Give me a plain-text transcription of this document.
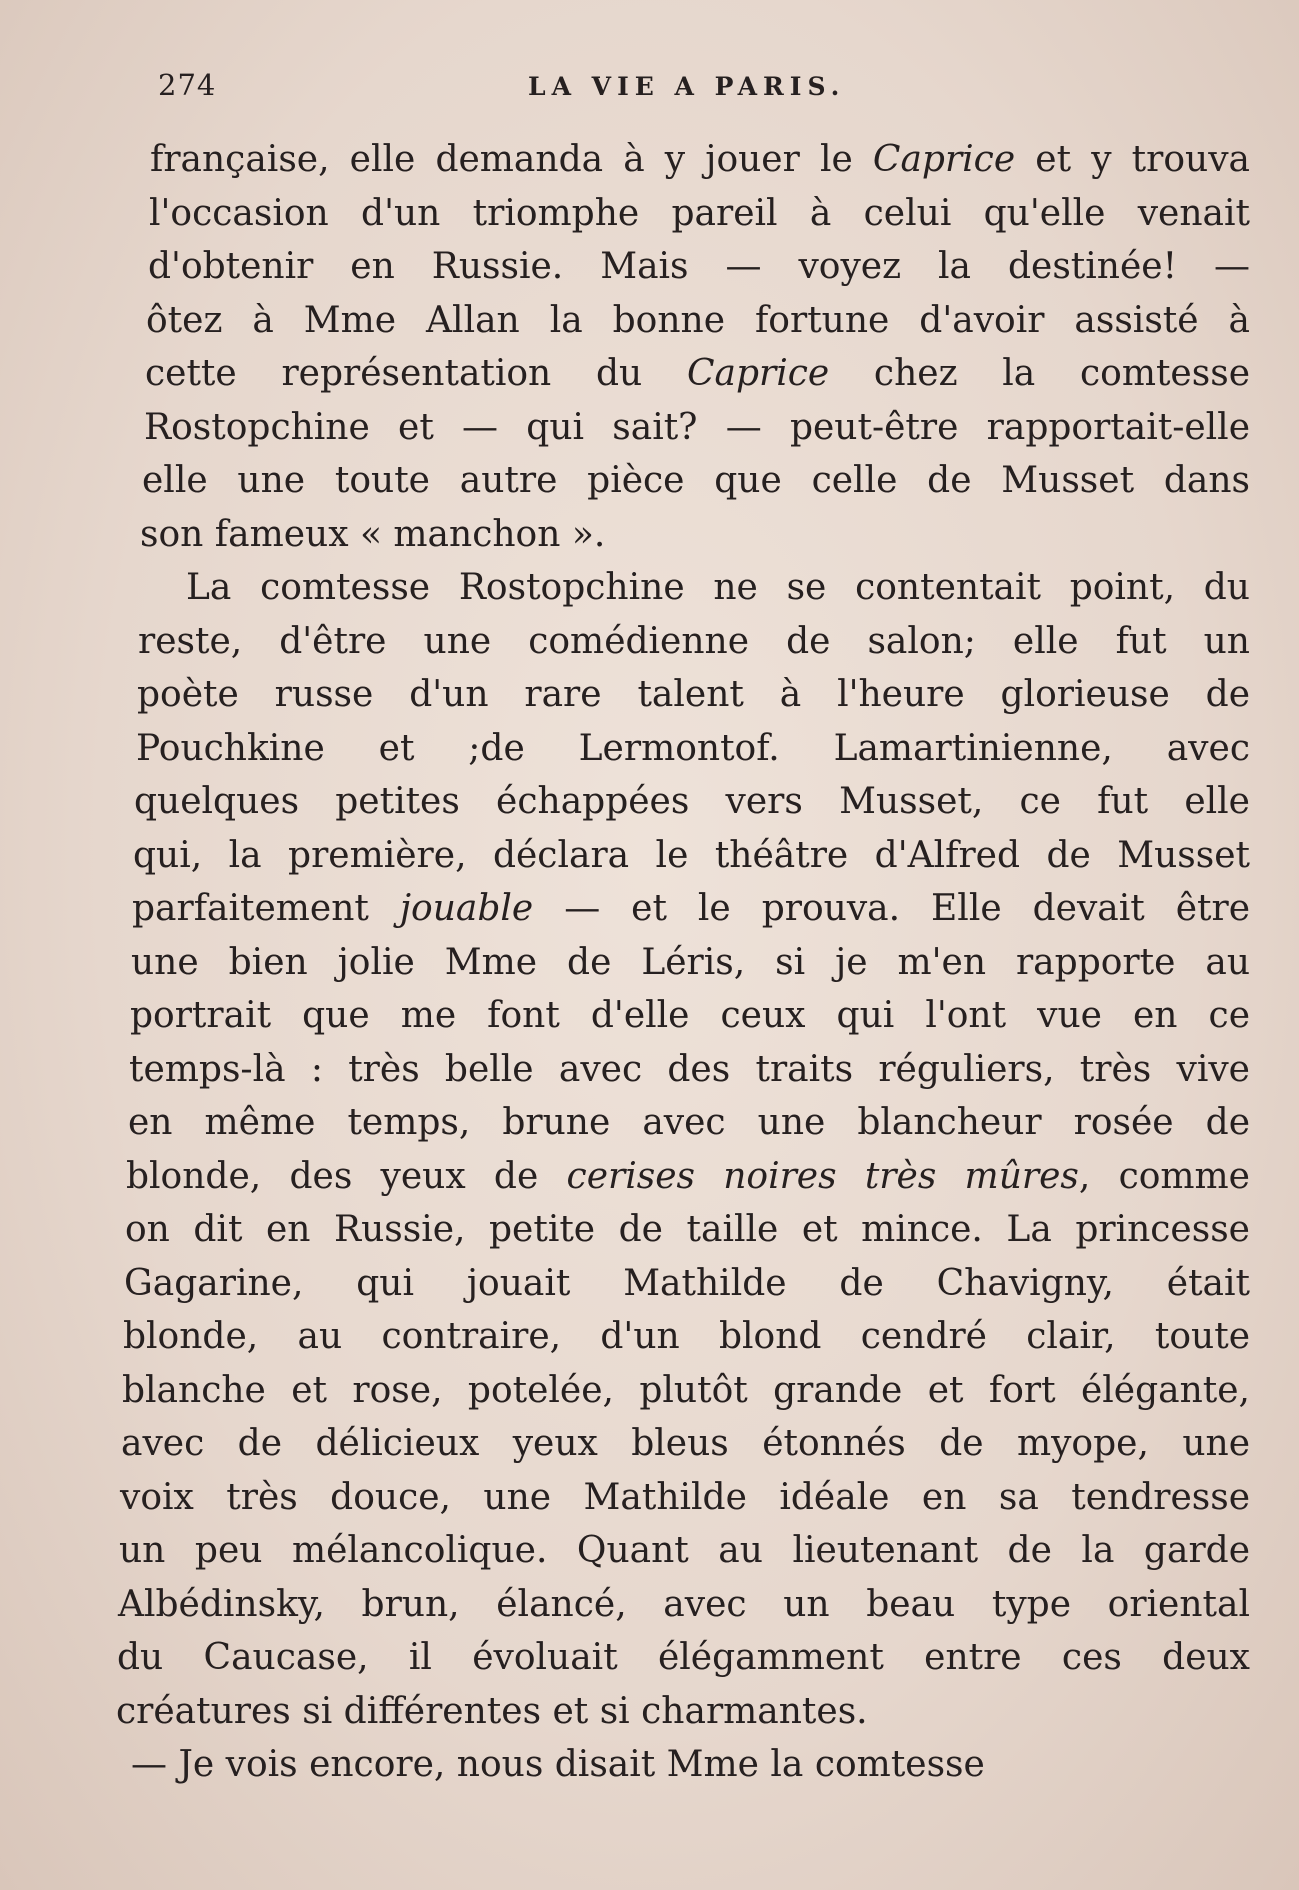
274	LA VIE A PARIS.
française, elle demanda à y jouer le Caprice et y trouva
l'occasion d'un triomphe pareil à celui qu'elle venait
d'obtenir en Russie. Mais — voyez la destinée! —
ôtez à Mme Allan la bonne fortune d'avoir assisté à
cette représentation du Caprice chez la comtesse
Rostopchine et — qui sait? — peut-être rapportait-elle
elle une toute autre pièce que celle de Musset dans
son fameux « manchon ».
La comtesse Rostopchine ne se contentait point, du
reste, d'être une comédienne de salon; elle fut un
poète russe d'un rare talent à l'heure glorieuse de
Pouchkine et ;de Lermontof. Lamartinienne, avec
quelques petites échappées vers Musset, ce fut elle
qui, la première, déclara le théâtre d'Alfred de Musset
parfaitement jouable — et le prouva. Elle devait être
une bien jolie Mme de Léris, si je m'en rapporte au
portrait que me font d'elle ceux qui l'ont vue en ce
temps-là : très belle avec des traits réguliers, très vive
en même temps, brune avec une blancheur rosée de
blonde, des yeux de cerises noires très mûres, comme
on dit en Russie, petite de taille et mince. La princesse
Gagarine, qui jouait Mathilde de Chavigny, était
blonde, au contraire, d'un blond cendré clair, toute
blanche et rose, potelée, plutôt grande et fort élégante,
avec de délicieux yeux bleus étonnés de myope, une
voix très douce, une Mathilde idéale en sa tendresse
un peu mélancolique. Quant au lieutenant de la garde
Albédinsky, brun, élancé, avec un beau type oriental
du Caucase, il évoluait élégamment entre ces deux
créatures si différentes et si charmantes.
— Je vois encore, nous disait Mme la comtesse
